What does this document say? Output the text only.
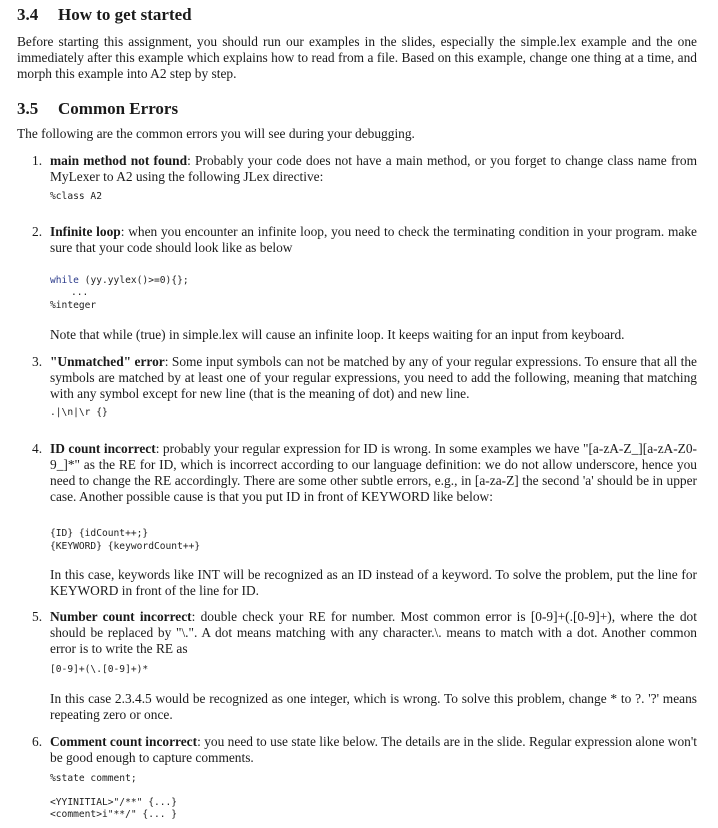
3.4 How to get started

Before starting this assignment, you should run our examples in the slides, especially the simple.lex example and the one immediately after this example which explains how to read from a file. Based on this example, change one thing at a time, and morph this example into A2 step by step.

3.5 Common Errors

The following are the common errors you will see during your debugging.

1. main method not found: Probably your code does not have a main method, or you forget to change class name from MyLexer to A2 using the following JLex directive:
%class A2
2. Infinite loop: when you encounter an infinite loop, you need to check the terminating condition in your program. make sure that your code should look like as below
while (yy.yylex()>=0){};
...
%integer

Note that while (true) in simple.lex will cause an infinite loop. It keeps waiting for an input from keyboard.

3. "Unmatched" error: Some input symbols can not be matched by any of your regular expressions. To ensure that all the symbols are matched by at least one of your regular expressions, you need to add the following, meaning that matching with any symbol except for new line (that is the meaning of dot) and new line.
.|\n|\r {}
4. ID count incorrect: probably your regular expression for ID is wrong. In some examples we have "[a-zA-Z_][a-zA-Z0-9_]*" as the RE for ID, which is incorrect according to our language definition: we do not allow underscore, hence you need to change the RE accordingly. There are some other subtle errors, e.g., in [a-za-Z] the second 'a' should be in upper case. Another possible cause is that you put ID in front of KEYWORD like below:
{ID} {idCount++;}
{KEYWORD} {keywordCount++}

In this case, keywords like INT will be recognized as an ID instead of a keyword. To solve the problem, put the line for KEYWORD in front of the line for ID.

5. Number count incorrect: double check your RE for number. Most common error is [0-9]+(.[0-9]+), where the dot should be replaced by "\.". A dot means matching with any character.\. means to match with a dot. Another common error is to write the RE as
[0-9]+(\.[0-9]+)*

In this case 2.3.4.5 would be recognized as one integer, which is wrong. To solve this problem, change * to ?. '?' means repeating zero or once.

6. Comment count incorrect: you need to use state like below. The details are in the slide. Regular expression alone won't be good enough to capture comments.
%state comment;
<YYINITIAL>"/**" {...}
<comment>i"**/" {... }
